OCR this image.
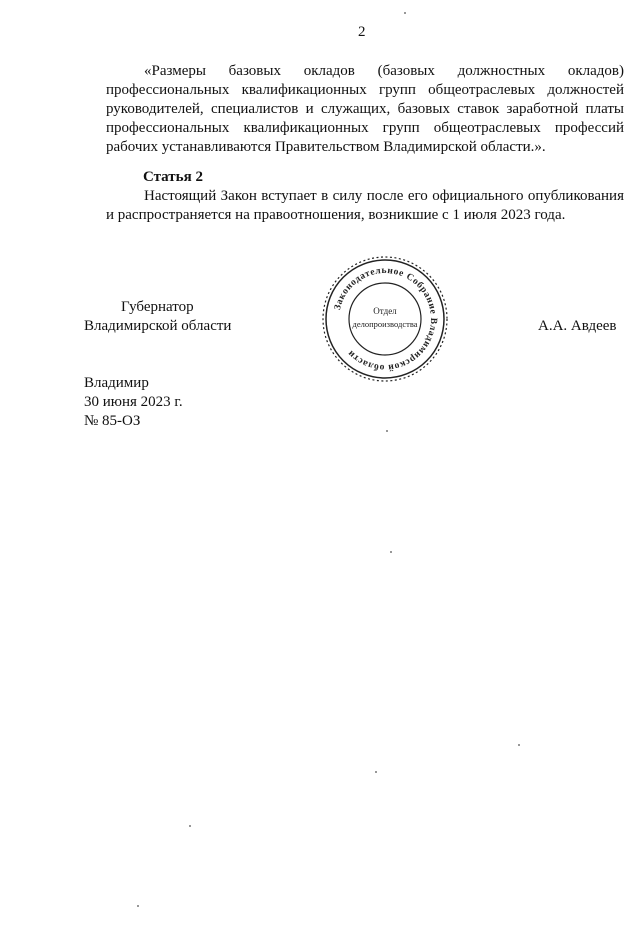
2
«Размеры базовых окладов (базовых должностных окладов)
профессиональных квалификационных групп общеотраслевых должностей
руководителей, специалистов и служащих, базовых ставок заработной платы
профессиональных квалификационных групп общеотраслевых профессий
рабочих устанавливаются Правительством Владимирской области.».
Статья 2
Настоящий Закон вступает в силу после его официального опубликования
и распространяется на правоотношения, возникшие с 1 июля 2023 года.
Губернатор
Владимирской области	А.А. Авдеев
Законодательное Собрание Владимирской области
Отдел
делопроизводства
Владимир
30 июня 2023 г.
№ 85-ОЗ
